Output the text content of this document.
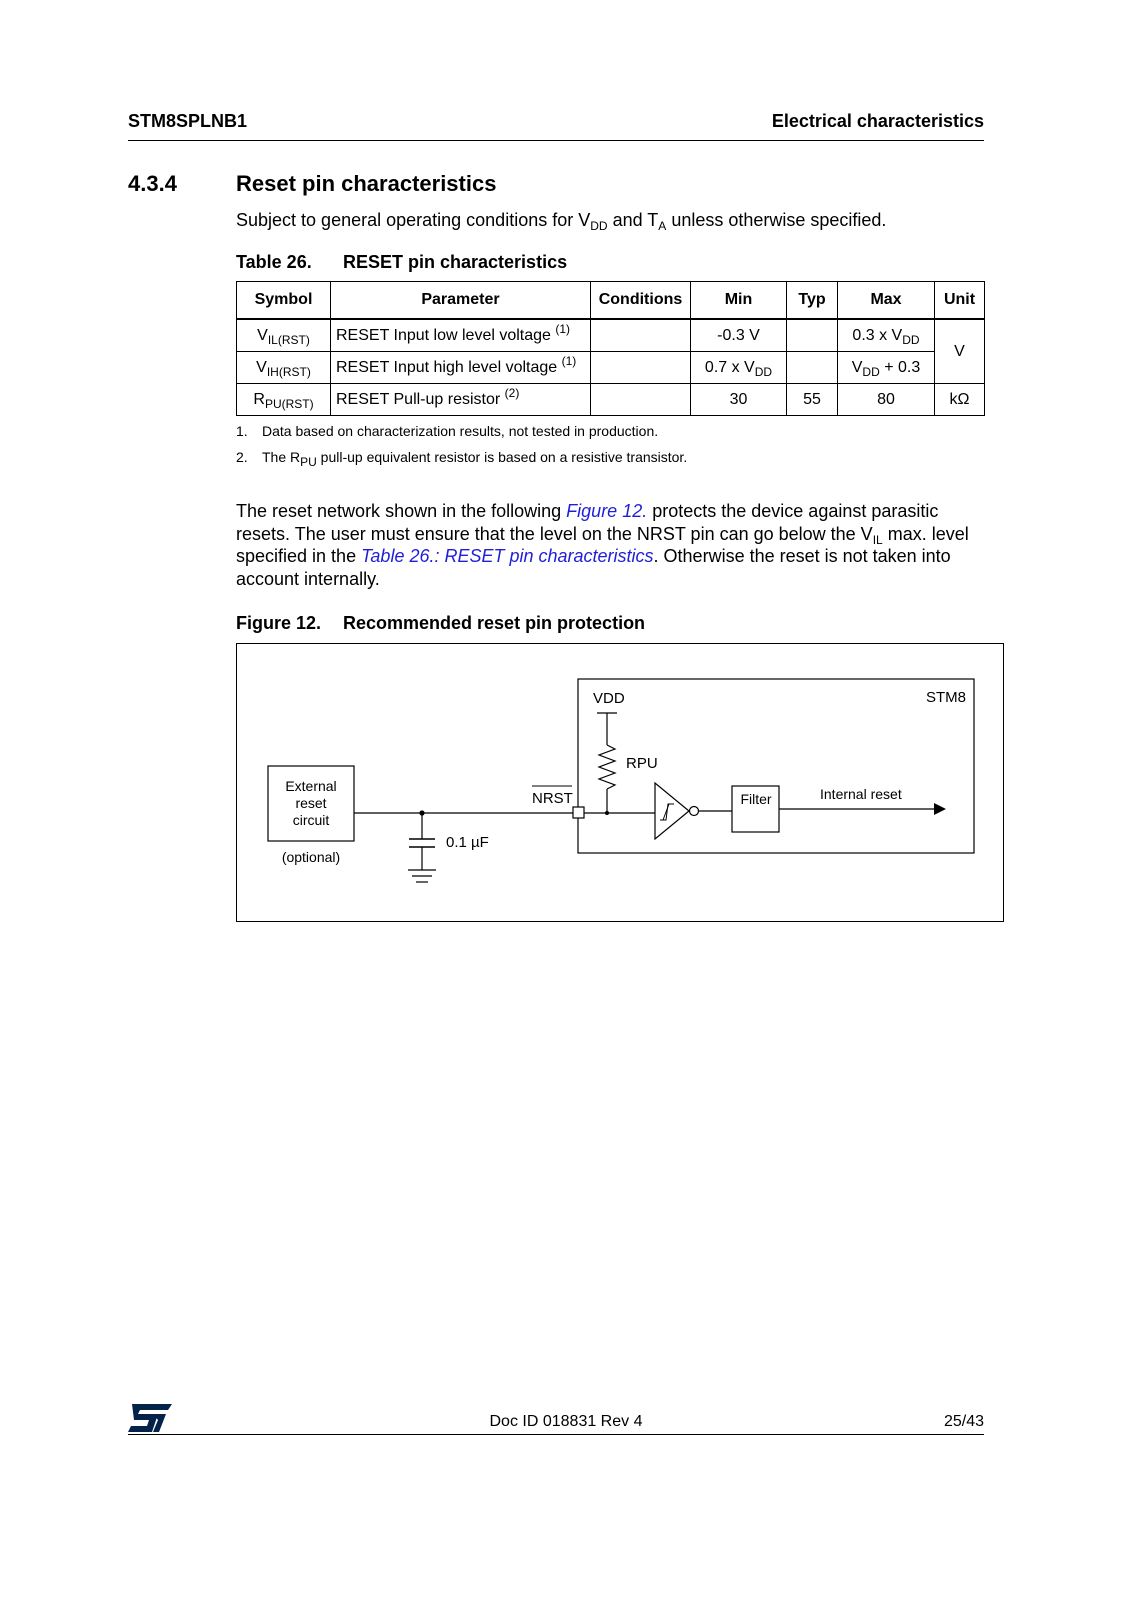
STM8SPLNB1	Electrical characteristics
4.3.4	Reset pin characteristics
Subject to general operating conditions for $V_{DD}$ and $T_A$ unless otherwise specified.
Table 26. RESET pin characteristics
Symbol	Parameter	Conditions	Min	Typ	Max	Unit
$V_{IL(RST)}$	RESET Input low level voltage $^{(1)}$		-0.3 V		0.3 x $V_{DD}$	V
$V_{IH(RST)}$	RESET Input high level voltage $^{(1)}$		0.7 x $V_{DD}$		$V_{DD} + 0.3$	
$R_{PU(RST)}$	RESET Pull-up resistor $^{(2)}$		30	55	80	kΩ
1. Data based on characterization results, not tested in production.
2. The $R_{PU}$ pull-up equivalent resistor is based on a resistive transistor.
The reset network shown in the following Figure 12. protects the device against parasitic resets. The user must ensure that the level on the NRST pin can go below the $V_{IL}$ max. level specified in the Table 26.: RESET pin characteristics. Otherwise the reset is not taken into account internally.
Figure 12. Recommended reset pin protection
STM8
VDD
RPU
External
reset
circuit
(optional)
0.1 µF
NRST	Filter	Internal reset
Doc ID 018831 Rev 4	25/43
